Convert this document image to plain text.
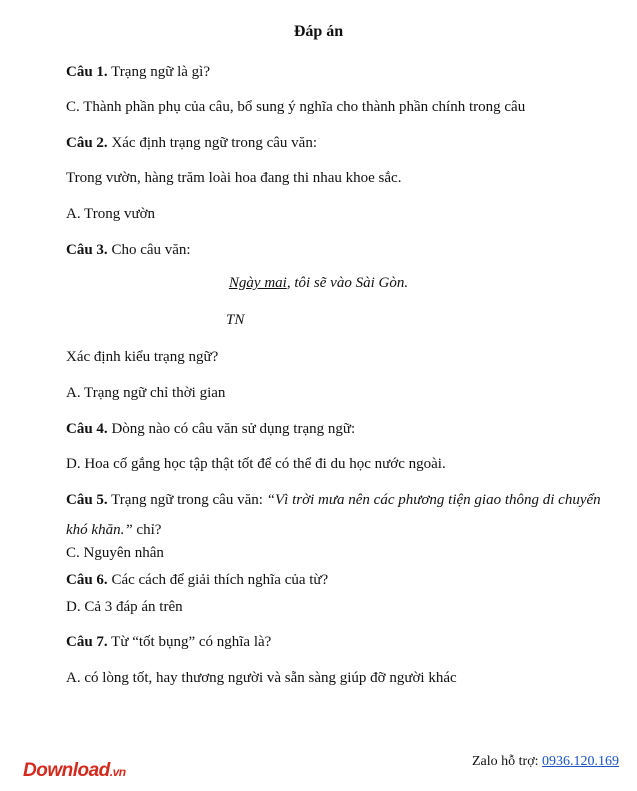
Đáp án
Câu 1. Trạng ngữ là gì?
C. Thành phần phụ của câu, bổ sung ý nghĩa cho thành phần chính trong câu
Câu 2. Xác định trạng ngữ trong câu văn:
Trong vườn, hàng trăm loài hoa đang thi nhau khoe sắc.
A. Trong vườn
Câu 3. Cho câu văn:
Ngày mai, tôi sẽ vào Sài Gòn.
TN
Xác định kiểu trạng ngữ?
A. Trạng ngữ chỉ thời gian
Câu 4. Dòng nào có câu văn sử dụng trạng ngữ:
D. Hoa cố gắng học tập thật tốt để có thể đi du học nước ngoài.
Câu 5. Trạng ngữ trong câu văn: “Vì trời mưa nên các phương tiện giao thông di chuyển khó khăn.” chỉ?
C. Nguyên nhân
Câu 6. Các cách để giải thích nghĩa của từ?
D. Cả 3 đáp án trên
Câu 7. Từ “tốt bụng” có nghĩa là?
A. có lòng tốt, hay thương người và sẵn sàng giúp đỡ người khác
Download.vn
Zalo hỗ trợ: 0936.120.169
